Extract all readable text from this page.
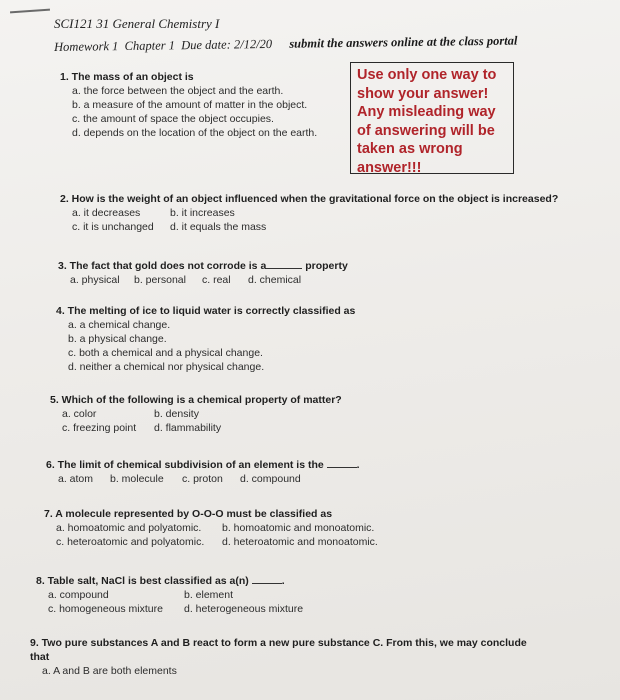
SCI121 31 General Chemistry I
Homework 1 Chapter 1 Due date: 2/12/20 submit the answers online at the class portal
1. The mass of an object is
a. the force between the object and the earth.
b. a measure of the amount of matter in the object.
c. the amount of space the object occupies.
d. depends on the location of the object on the earth.
Use only one way to
show your answer!
Any misleading way
of answering will be
taken as wrong
answer!!!
2. How is the weight of an object influenced when the gravitational force on the object is increased?
a. it decreases	b. it increases
c. it is unchanged	d. it equals the mass
3. The fact that gold does not corrode is a	property
a. physical	b. personal	c. real	d. chemical
4. The melting of ice to liquid water is correctly classified as
a. a chemical change.
b. a physical change.
c. both a chemical and a physical change.
d. neither a chemical nor physical change.
5. Which of the following is a chemical property of matter?
a. color	b. density
c. freezing point	d. flammability
6. The limit of chemical subdivision of an element is the	.
a. atom	b. molecule	c. proton	d. compound
7. A molecule represented by O-O-O must be classified as
a. homoatomic and polyatomic.	b. homoatomic and monoatomic.
c. heteroatomic and polyatomic.	d. heteroatomic and monoatomic.
8. Table salt, NaCl is best classified as a(n)	.
a. compound	b. element
c. homogeneous mixture	d. heterogeneous mixture
9. Two pure substances A and B react to form a new pure substance C. From this, we may conclude
that
a. A and B are both elements
